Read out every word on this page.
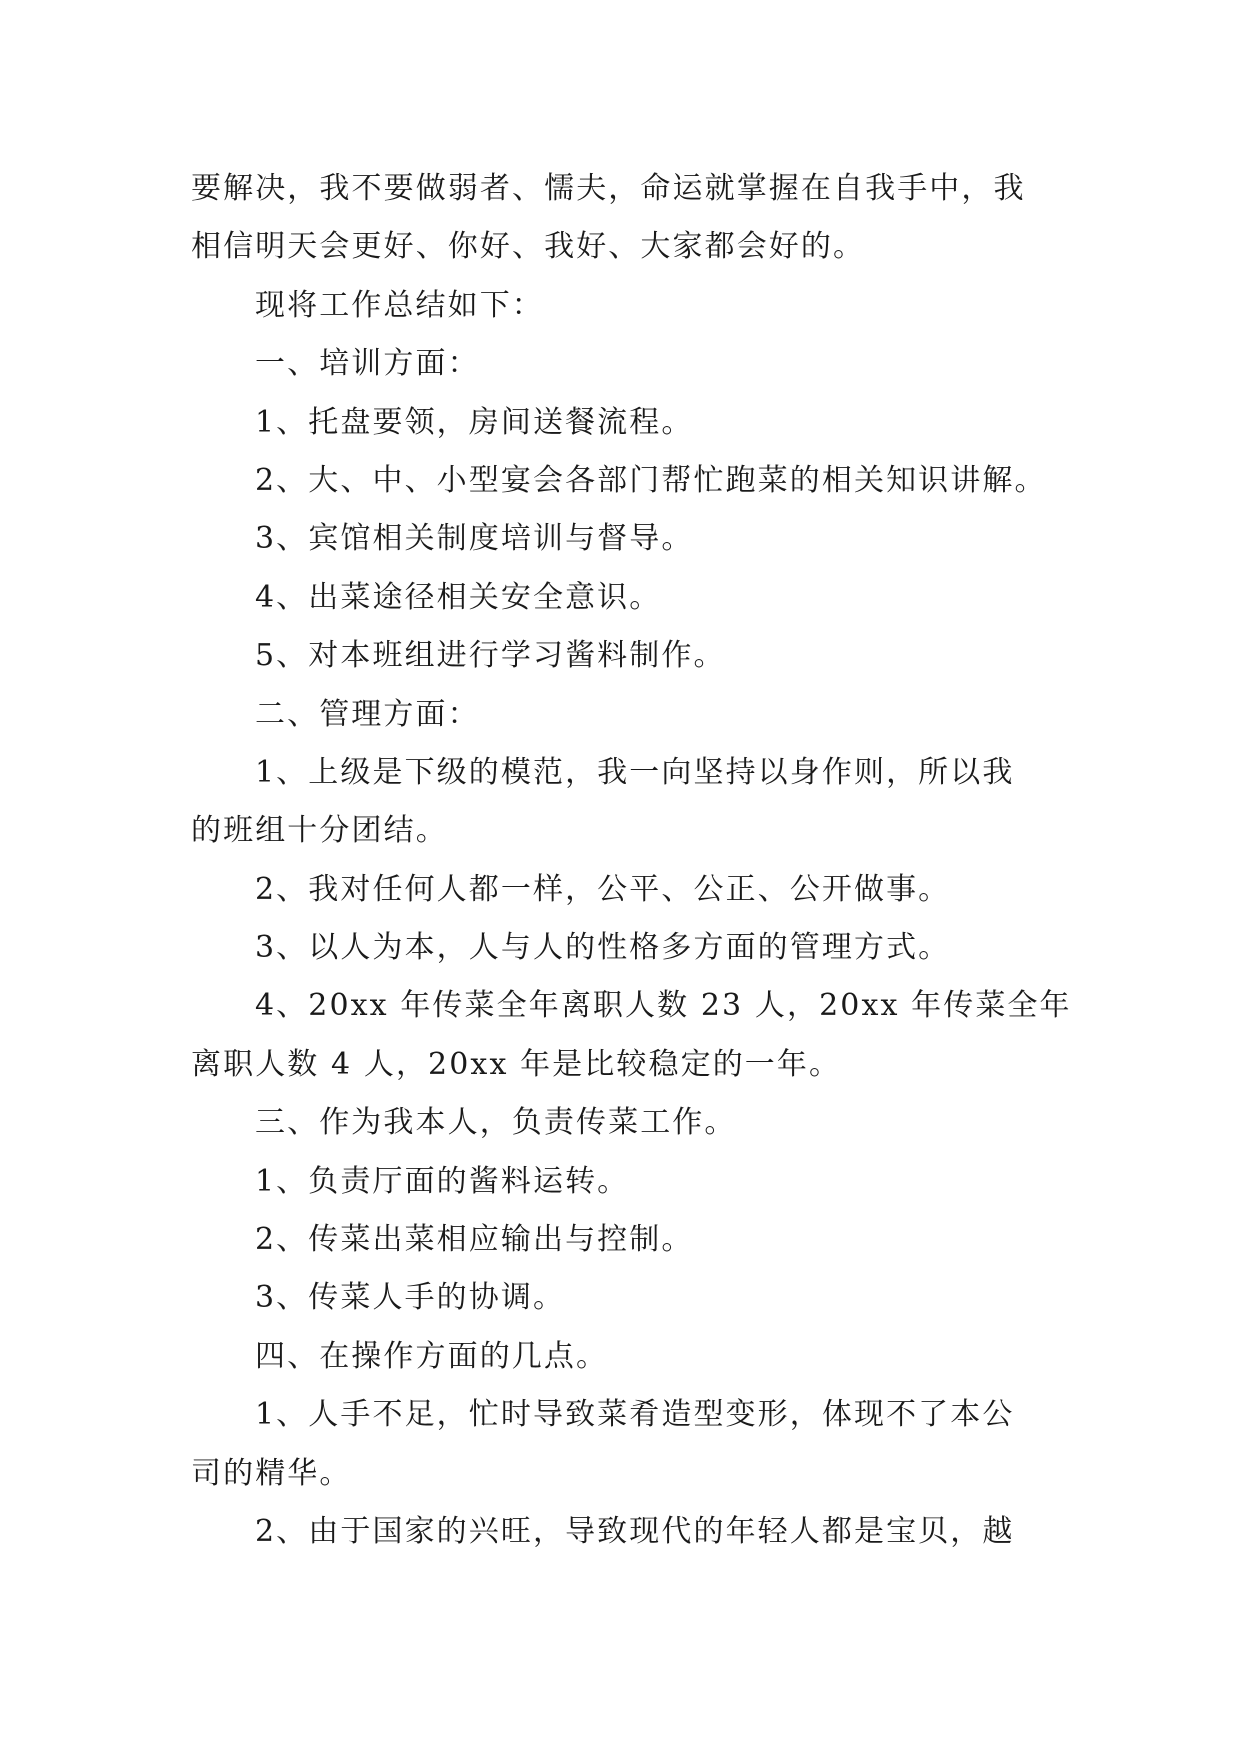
要解决，我不要做弱者、懦夫，命运就掌握在自我手中，我
相信明天会更好、你好、我好、大家都会好的。
现将工作总结如下：
一、培训方面：
1、托盘要领，房间送餐流程。
2、大、中、小型宴会各部门帮忙跑菜的相关知识讲解。
3、宾馆相关制度培训与督导。
4、出菜途径相关安全意识。
5、对本班组进行学习酱料制作。
二、管理方面：
1、上级是下级的模范，我一向坚持以身作则，所以我
的班组十分团结。
2、我对任何人都一样，公平、公正、公开做事。
3、以人为本，人与人的性格多方面的管理方式。
4、20xx 年传菜全年离职人数 23 人，20xx 年传菜全年
离职人数 4 人，20xx 年是比较稳定的一年。
三、作为我本人，负责传菜工作。
1、负责厅面的酱料运转。
2、传菜出菜相应输出与控制。
3、传菜人手的协调。
四、在操作方面的几点。
1、人手不足，忙时导致菜肴造型变形，体现不了本公
司的精华。
2、由于国家的兴旺，导致现代的年轻人都是宝贝，越
